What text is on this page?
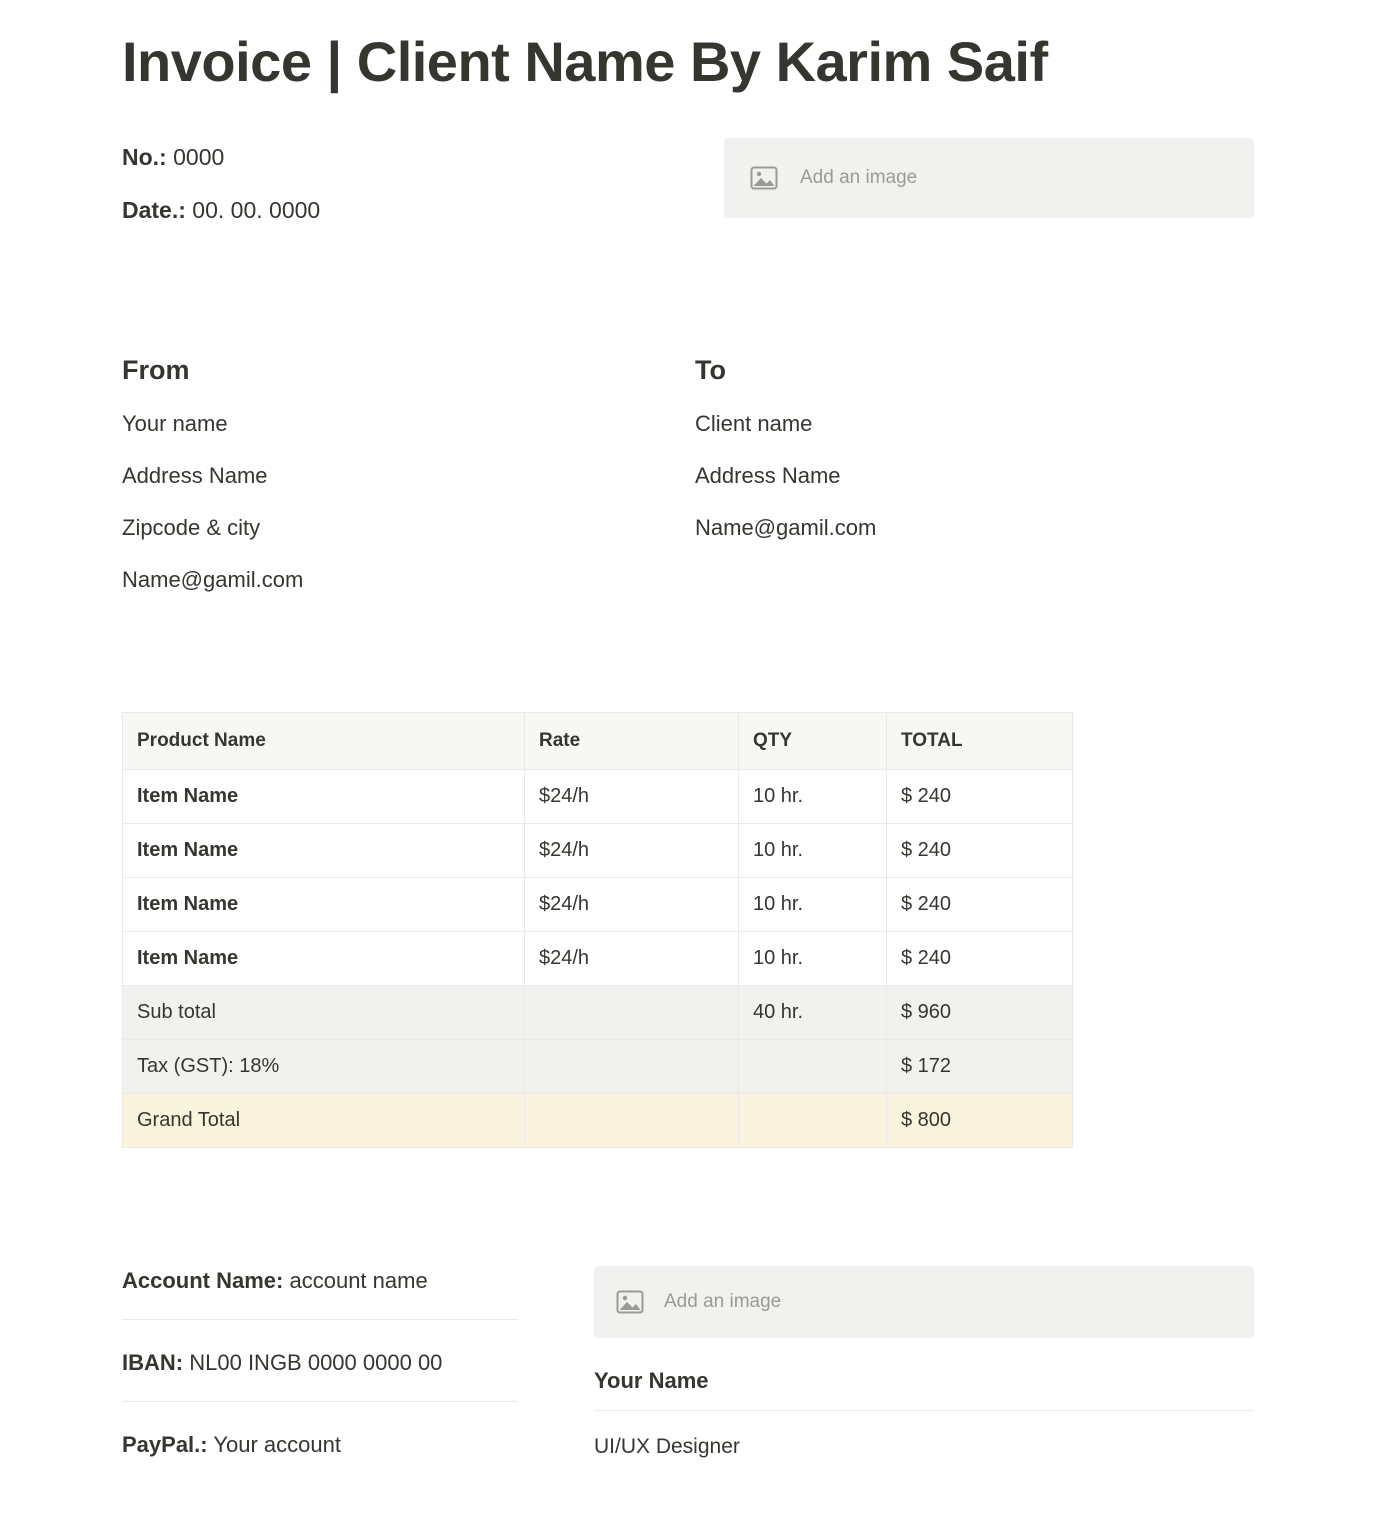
Invoice | Client Name By Karim Saif
No.: 0000
Date.: 00. 00. 0000
Add an image
From

Your name

Address Name

Zipcode & city

Name@gamil.com

To

Client name

Address Name

Name@gamil.com

Product Name	Rate	QTY	TOTAL
Item Name	$24/h	10 hr.	$ 240
Item Name	$24/h	10 hr.	$ 240
Item Name	$24/h	10 hr.	$ 240
Item Name	$24/h	10 hr.	$ 240
Sub total		40 hr.	$ 960
Tax (GST): 18%			$ 172
Grand Total			$ 800
Account Name: account name
IBAN: NL00 INGB 0000 0000 00
PayPal.: Your account
Add an image
Your Name
UI/UX Designer
